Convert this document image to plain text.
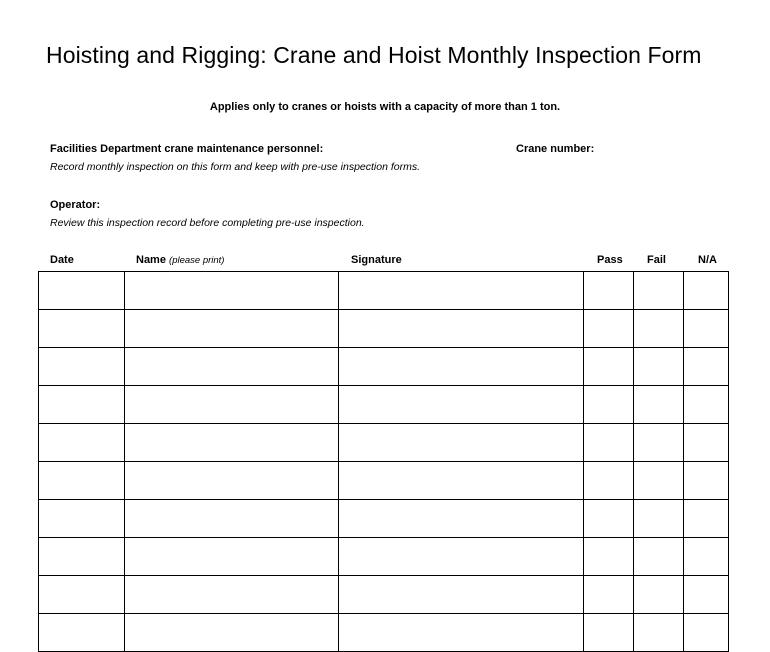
Hoisting and Rigging: Crane and Hoist Monthly Inspection Form
Applies only to cranes or hoists with a capacity of more than 1 ton.
Facilities Department crane maintenance personnel:
Record monthly inspection on this form and keep with pre-use inspection forms.
Crane number:
Operator:
Review this inspection record before completing pre-use inspection.
Date	Name (please print)	Signature	Pass Fail	N/A
